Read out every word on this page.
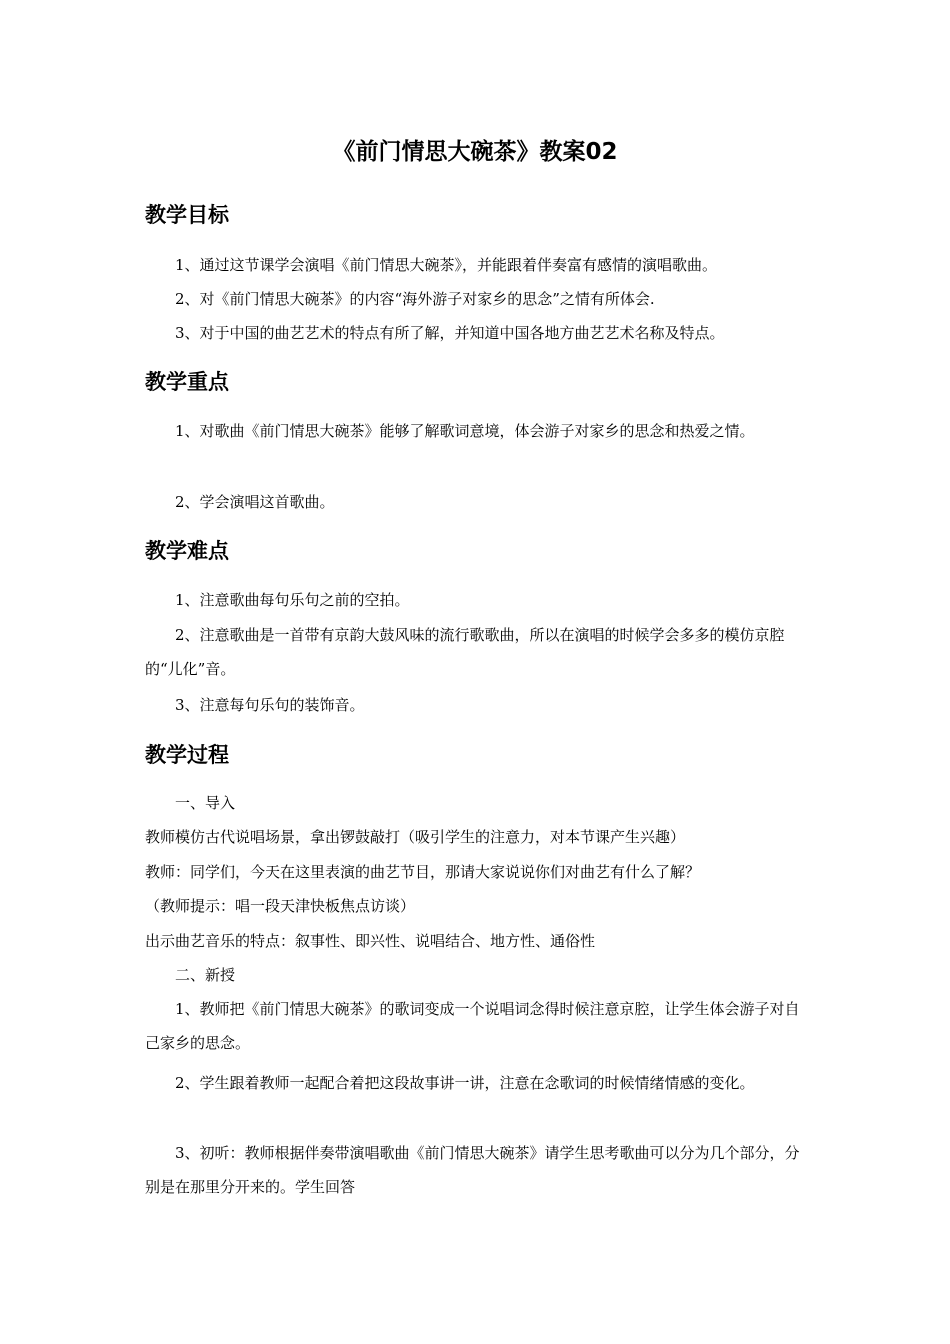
《前门情思大碗茶》教案02
教学目标

1、通过这节课学会演唱《前门情思大碗茶》，并能跟着伴奏富有感情的演唱歌曲。

2、对《前门情思大碗茶》的内容“海外游子对家乡的思念”之情有所体会.

3、对于中国的曲艺艺术的特点有所了解，并知道中国各地方曲艺艺术名称及特点。

教学重点

1、对歌曲《前门情思大碗茶》能够了解歌词意境，体会游子对家乡的思念和热爱之情。

2、学会演唱这首歌曲。

教学难点

1、注意歌曲每句乐句之前的空拍。

2、注意歌曲是一首带有京韵大鼓风味的流行歌歌曲，所以在演唱的时候学会多多的模仿京腔的“儿化”音。

3、注意每句乐句的装饰音。

教学过程

一、导入

教师模仿古代说唱场景，拿出锣鼓敲打（吸引学生的注意力，对本节课产生兴趣）

教师：同学们，今天在这里表演的曲艺节目，那请大家说说你们对曲艺有什么了解？

（教师提示：唱一段天津快板焦点访谈）

出示曲艺音乐的特点：叙事性、即兴性、说唱结合、地方性、通俗性

二、新授

1、教师把《前门情思大碗茶》的歌词变成一个说唱词念得时候注意京腔，让学生体会游子对自己家乡的思念。

2、学生跟着教师一起配合着把这段故事讲一讲，注意在念歌词的时候情绪情感的变化。

3、初听：教师根据伴奏带演唱歌曲《前门情思大碗茶》请学生思考歌曲可以分为几个部分，分别是在那里分开来的。学生回答
